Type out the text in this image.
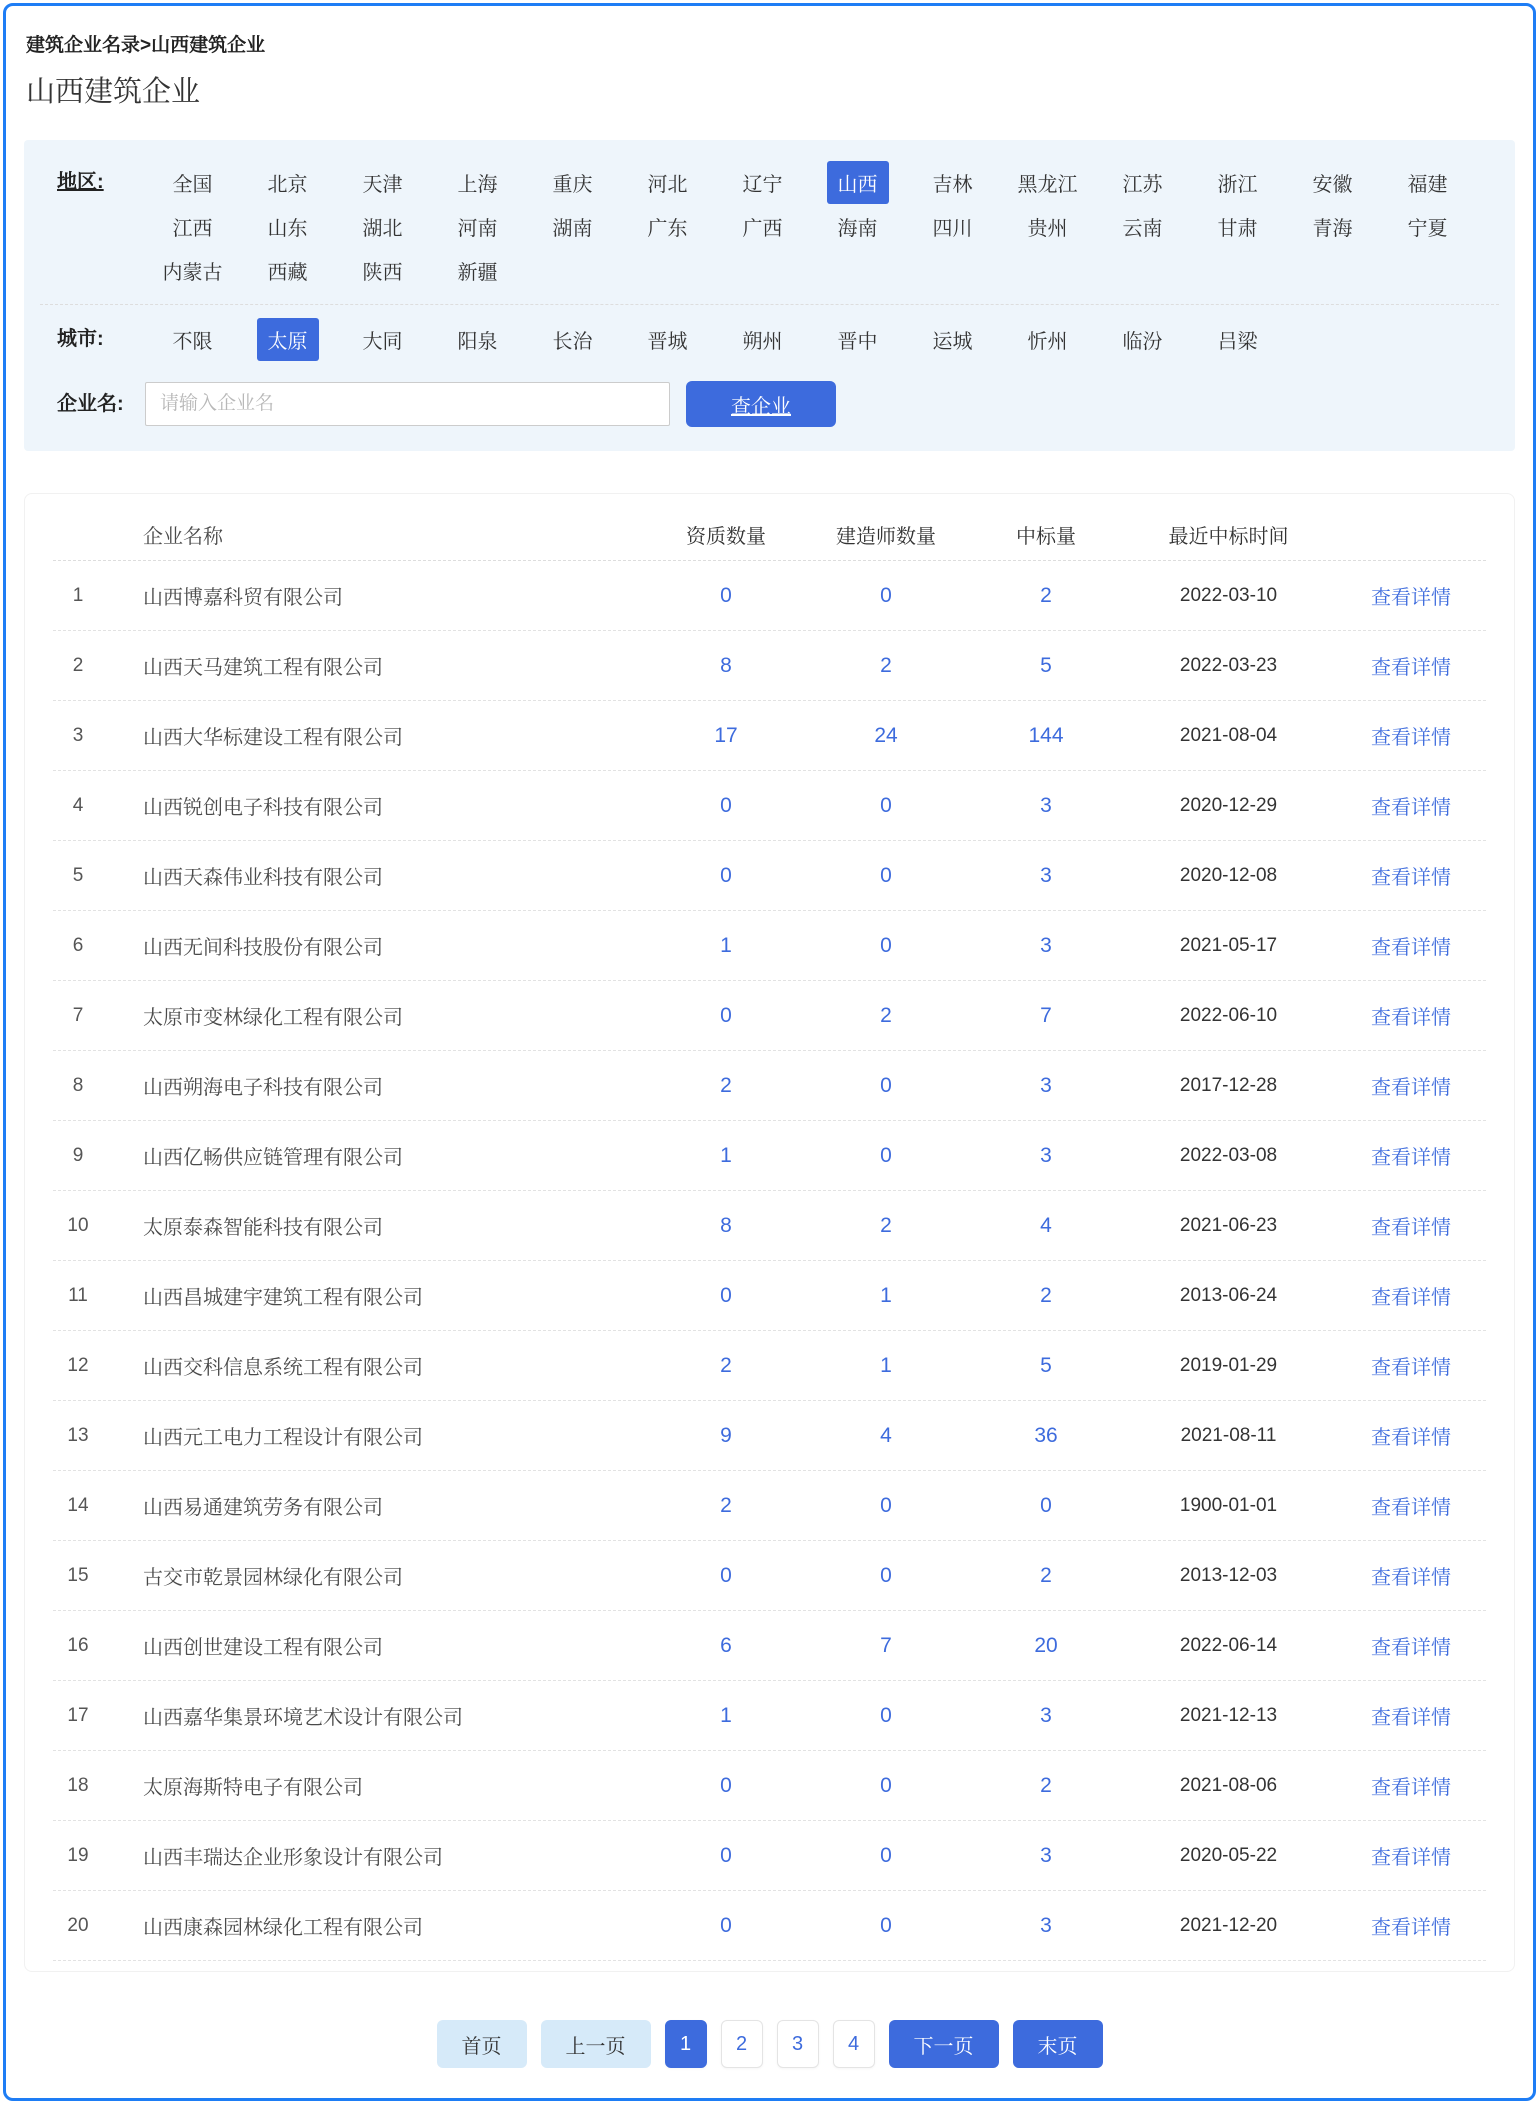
建筑企业名录>山西建筑企业
山西建筑企业
地区:	全国	北京	天津	上海	重庆	河北	辽宁	山西	吉林	黑龙江	江苏	浙江	安徽	福建
江西	山东	湖北	河南	湖南	广东	广西	海南	四川	贵州	云南	甘肃	青海	宁夏
内蒙古	西藏	陕西	新疆
城市:	不限	太原	大同	阳泉	长治	晋城	朔州	晋中	运城	忻州	临汾	吕梁
企业名:
请输入企业名	查企业
企业名称	资质数量	建造师数量	中标量	最近中标时间
1	山西博嘉科贸有限公司	0	0	2	2022-03-10	查看详情
2	山西天马建筑工程有限公司	8	2	5	2022-03-23	查看详情
3	山西大华标建设工程有限公司	17	24	144	2021-08-04	查看详情
4	山西锐创电子科技有限公司	0	0	3	2020-12-29	查看详情
5	山西天森伟业科技有限公司	0	0	3	2020-12-08	查看详情
6	山西无间科技股份有限公司	1	0	3	2021-05-17	查看详情
7	太原市变林绿化工程有限公司	0	2	7	2022-06-10	查看详情
8	山西朔海电子科技有限公司	2	0	3	2017-12-28	查看详情
9	山西亿畅供应链管理有限公司	1	0	3	2022-03-08	查看详情
10	太原泰森智能科技有限公司	8	2	4	2021-06-23	查看详情
11	山西昌城建宇建筑工程有限公司	0	1	2	2013-06-24	查看详情
12	山西交科信息系统工程有限公司	2	1	5	2019-01-29	查看详情
13	山西元工电力工程设计有限公司	9	4	36	2021-08-11	查看详情
14	山西易通建筑劳务有限公司	2	0	0	1900-01-01	查看详情
15	古交市乾景园林绿化有限公司	0	0	2	2013-12-03	查看详情
16	山西创世建设工程有限公司	6	7	20	2022-06-14	查看详情
17	山西嘉华集景环境艺术设计有限公司	1	0	3	2021-12-13	查看详情
18	太原海斯特电子有限公司	0	0	2	2021-08-06	查看详情
19	山西丰瑞达企业形象设计有限公司	0	0	3	2020-05-22	查看详情
20	山西康森园林绿化工程有限公司	0	0	3	2021-12-20	查看详情
首页	上一页	1	2	3	4	下一页	末页
